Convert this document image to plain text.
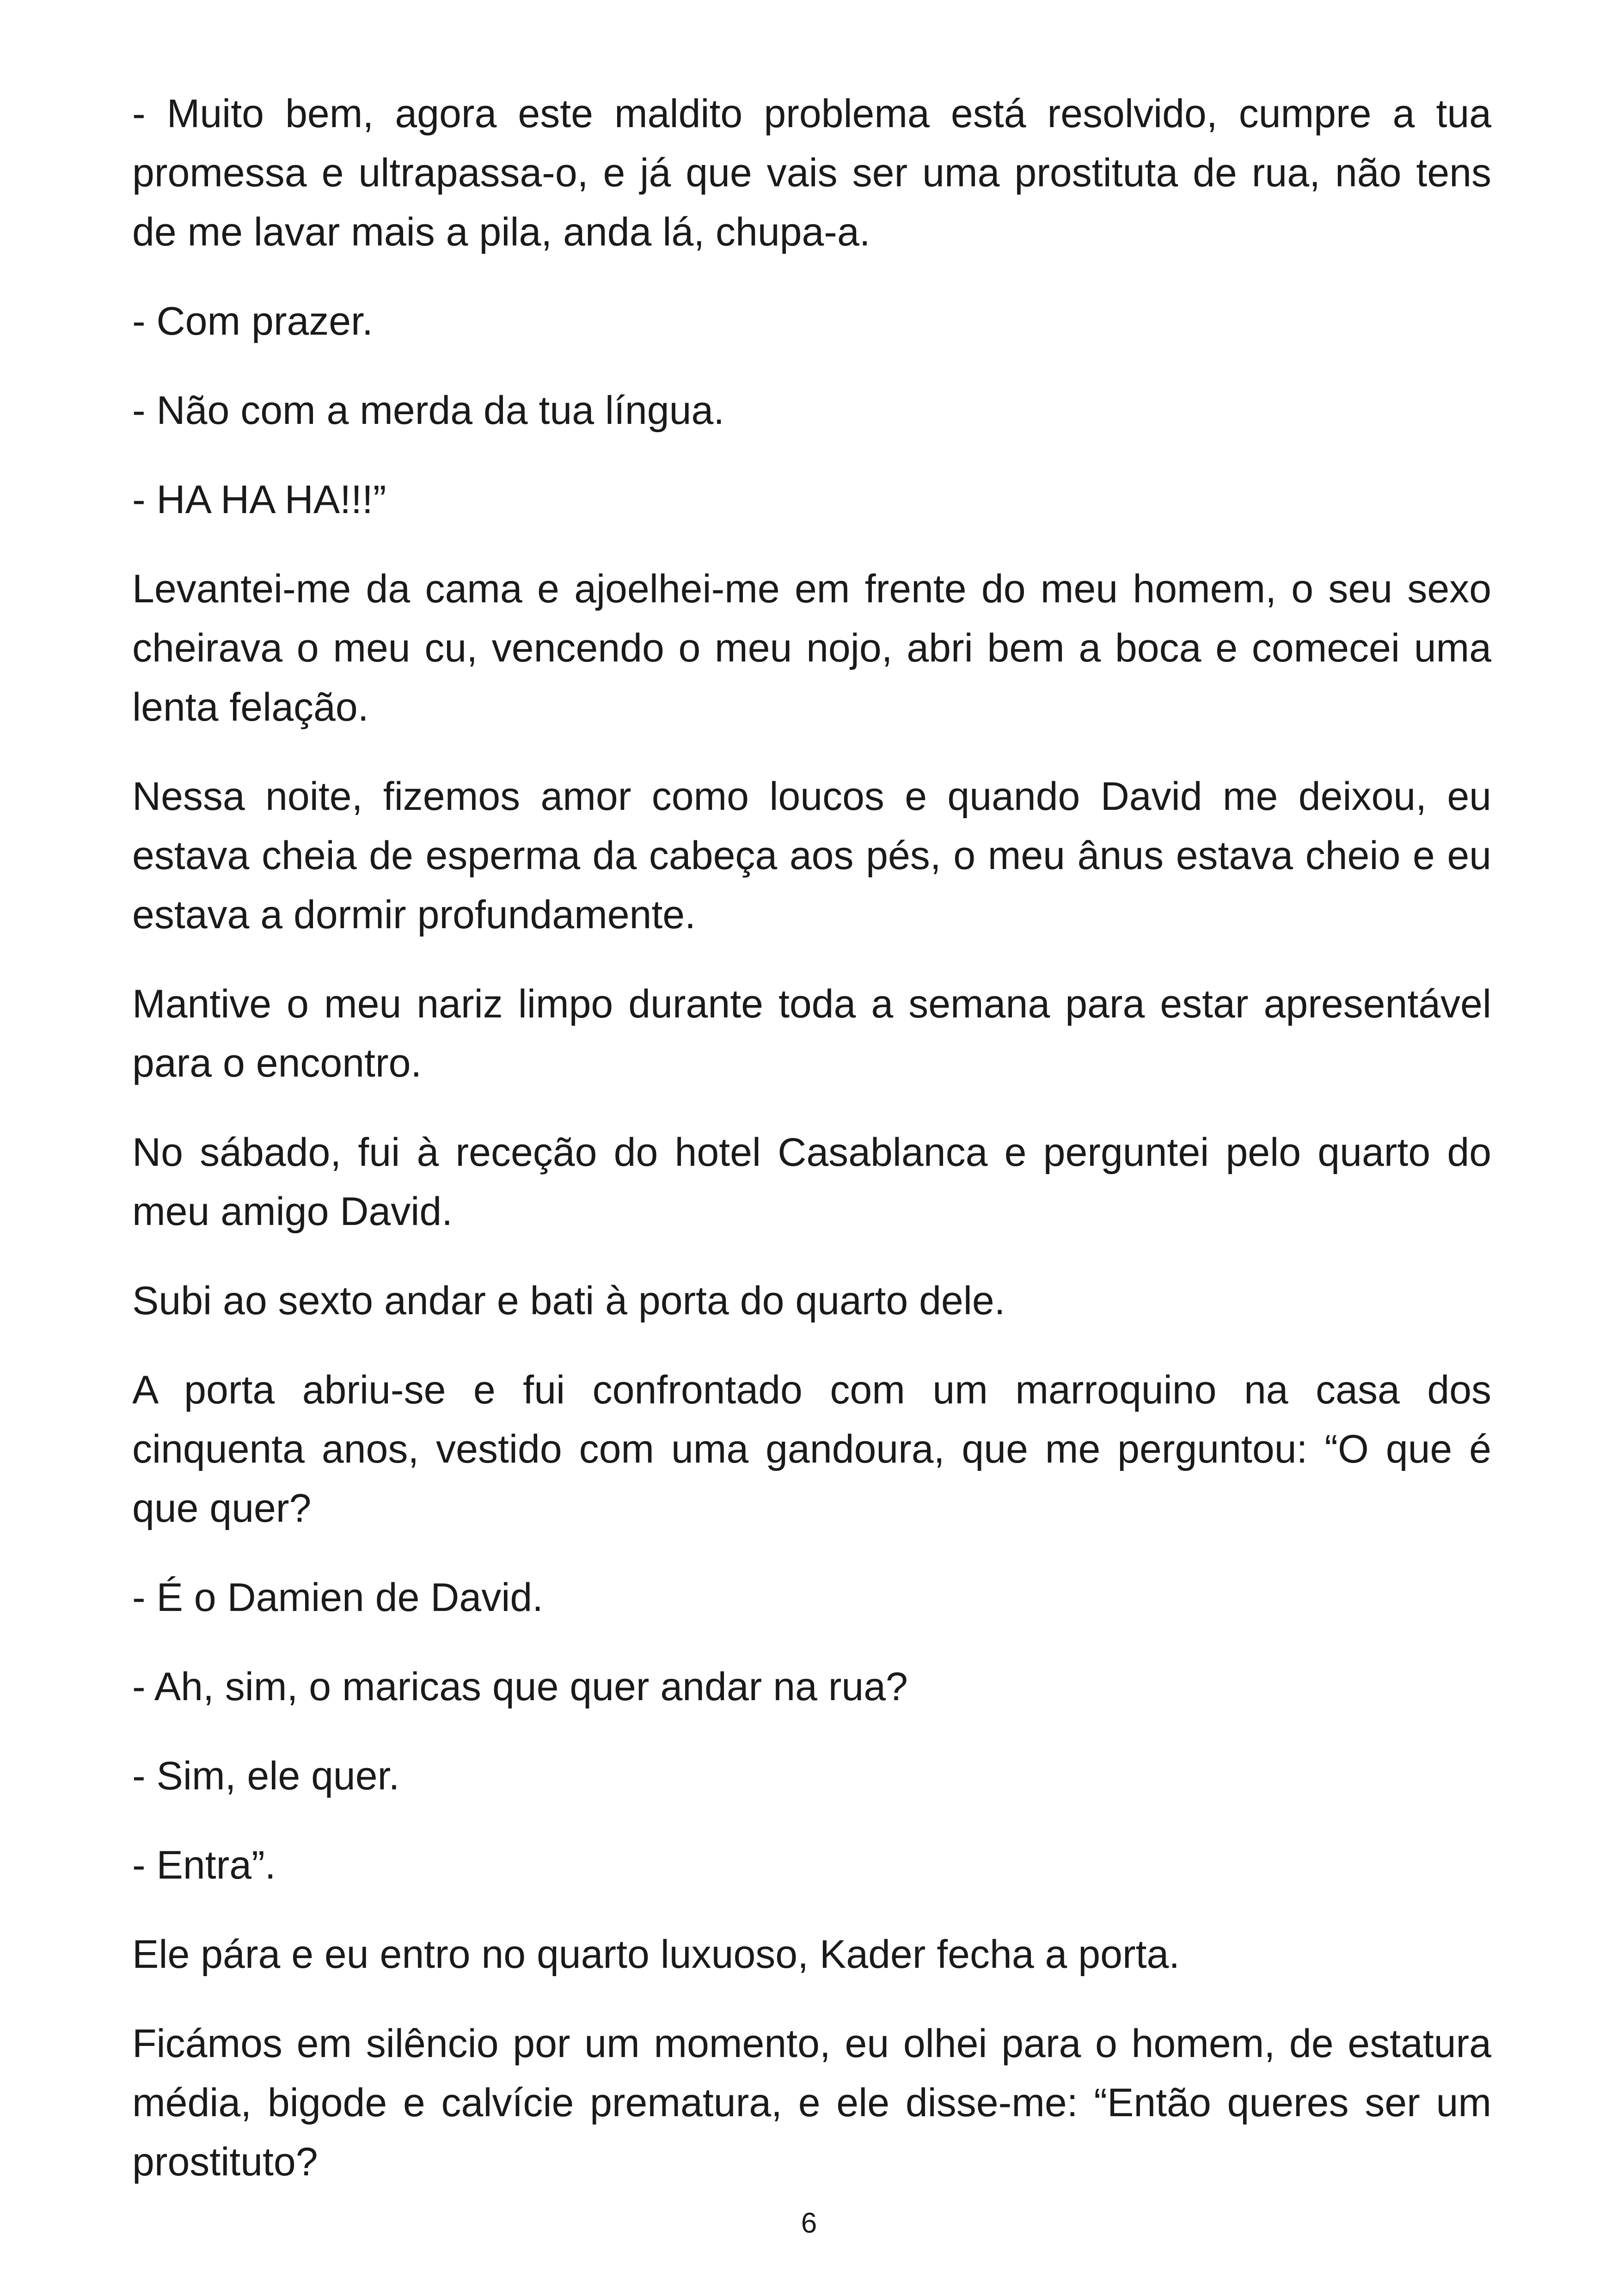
- Muito bem, agora este maldito problema está resolvido, cumpre a tua promessa e ultrapassa-o, e já que vais ser uma prostituta de rua, não tens de me lavar mais a pila, anda lá, chupa-a.

- Com prazer.

- Não com a merda da tua língua.

- HA HA HA!!!”

Levantei-me da cama e ajoelhei-me em frente do meu homem, o seu sexo cheirava o meu cu, vencendo o meu nojo, abri bem a boca e comecei uma lenta felação.

Nessa noite, fizemos amor como loucos e quando David me deixou, eu estava cheia de esperma da cabeça aos pés, o meu ânus estava cheio e eu estava a dormir profundamente.

Mantive o meu nariz limpo durante toda a semana para estar apresentável para o encontro.

No sábado, fui à receção do hotel Casablanca e perguntei pelo quarto do meu amigo David.

Subi ao sexto andar e bati à porta do quarto dele.

A porta abriu-se e fui confrontado com um marroquino na casa dos cinquenta anos, vestido com uma gandoura, que me perguntou: “O que é que quer?

- É o Damien de David.

- Ah, sim, o maricas que quer andar na rua?

- Sim, ele quer.

- Entra”.

Ele pára e eu entro no quarto luxuoso, Kader fecha a porta.

Ficámos em silêncio por um momento, eu olhei para o homem, de estatura média, bigode e calvície prematura, e ele disse-me: “Então queres ser um prostituto?

6
